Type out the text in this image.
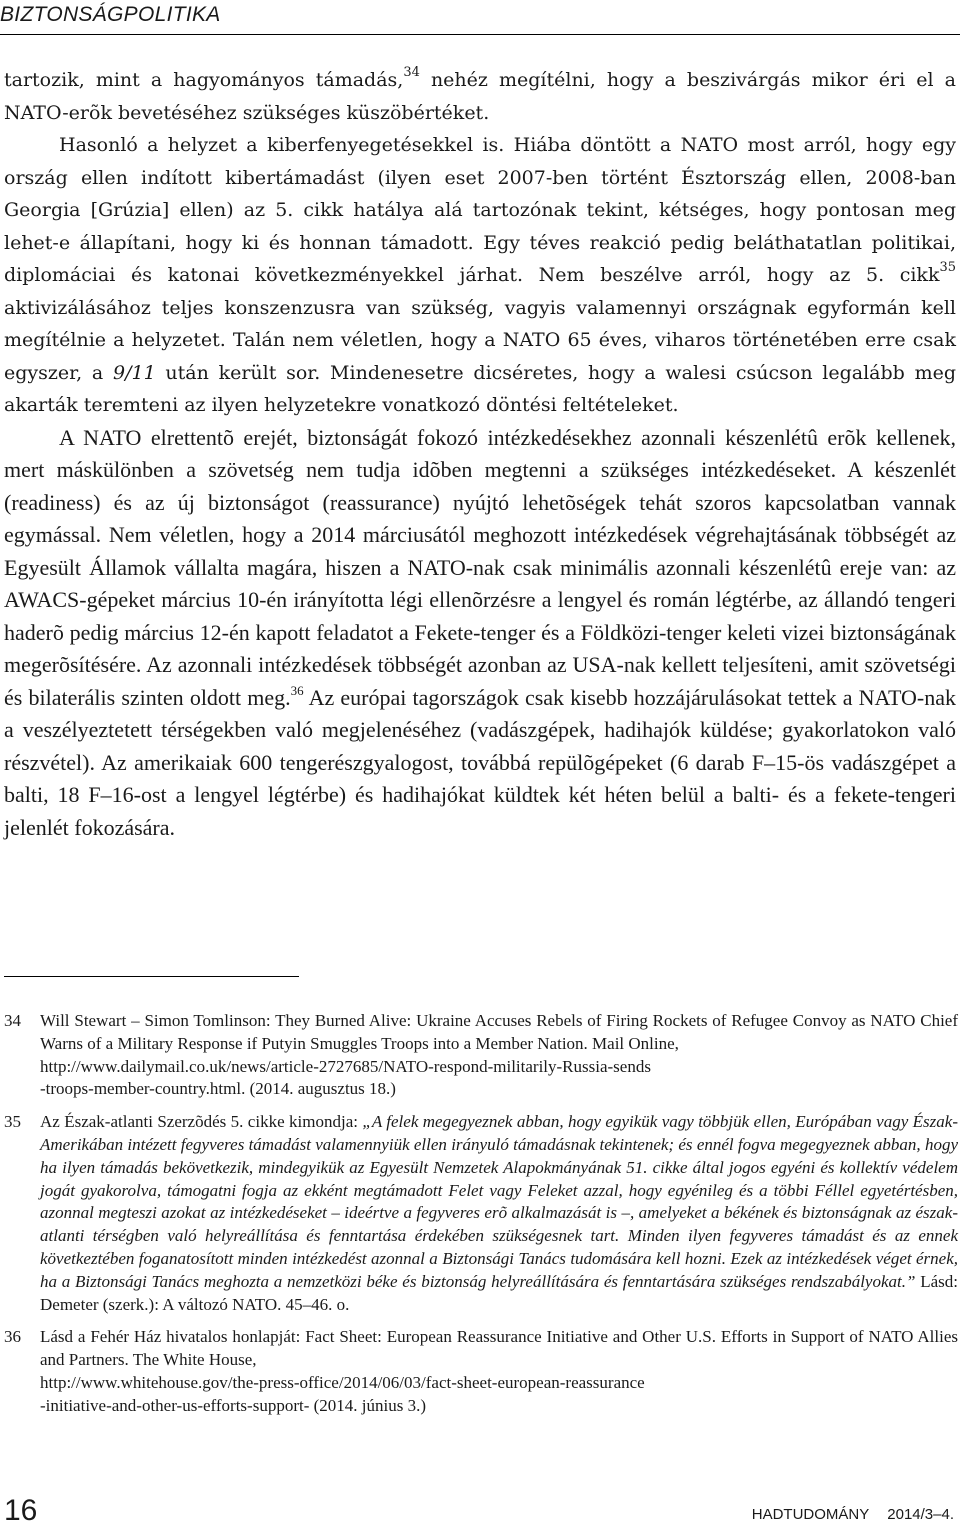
BIZTONSÁGPOLITIKA

tartozik, mint a hagyományos támadás,$^{34}$ nehéz megítélni, hogy a beszivárgás mikor éri el a NATO-erõk bevetéséhez szükséges küszöbértéket.

Hasonló a helyzet a kiberfenyegetésekkel is. Hiába döntött a NATO most arról, hogy egy ország ellen indított kibertámadást (ilyen eset 2007-ben történt Észtország ellen, 2008-ban Georgia [Grúzia] ellen) az 5. cikk hatálya alá tartozónak tekint, kétséges, hogy pontosan meg lehet-e állapítani, hogy ki és honnan támadott. Egy téves reakció pedig beláthatatlan politikai, diplomáciai és katonai következményekkel járhat. Nem beszélve arról, hogy az 5. cikk$^{35}$ aktivizálásához teljes konszenzusra van szükség, vagyis valamennyi országnak egyformán kell megítélnie a helyzetet. Talán nem véletlen, hogy a NATO 65 éves, viharos történetében erre csak egyszer, a 9/11 után került sor. Mindenesetre dicséretes, hogy a walesi csúcson legalább meg akarták teremteni az ilyen helyzetekre vonatkozó döntési feltételeket.

A NATO elrettentõ erejét, biztonságát fokozó intézkedésekhez azonnali készenlétû erõk kellenek, mert máskülönben a szövetség nem tudja idõben megtenni a szükséges intézkedéseket. A készenlét (readiness) és az új biztonságot (reassurance) nyújtó lehetõségek tehát szoros kapcsolatban vannak egymással. Nem véletlen, hogy a 2014 márciusától meghozott intézkedések végrehajtásának többségét az Egyesült Államok vállalta magára, hiszen a NATO-nak csak minimális azonnali készenlétû ereje van: az AWACS-gépeket március 10-én irányította légi ellenõrzésre a lengyel és román légtérbe, az állandó tengeri haderõ pedig március 12-én kapott feladatot a Fekete-tenger és a Földközi-tenger keleti vizei biztonságának megerõsítésére. Az azonnali intézkedések többségét azonban az USA-nak kellett teljesíteni, amit szövetségi és bilaterális szinten oldott meg.$^{36}$ Az európai tagországok csak kisebb hozzájárulásokat tettek a NATO-nak a veszélyeztetett térségekben való megjelenéséhez (vadászgépek, hadihajók küldése; gyakorlatokon való részvétel). Az amerikaiak 600 tengerészgyalogost, továbbá repülõgépeket (6 darab F–15-ös vadászgépet a balti, 18 F–16-ost a lengyel légtérbe) és hadihajókat küldtek két héten belül a balti- és a fekete-tengeri jelenlét fokozására.

34	Will Stewart – Simon Tomlinson: They Burned Alive: Ukraine Accuses Rebels of Firing Rockets of Refugee Convoy as NATO Chief Warns of a Military Response if Putyin Smuggles Troops into a Member Nation. Mail Online,
http://www.dailymail.co.uk/news/article-2727685/NATO-respond-militarily-Russia-sends
-troops-member-country.html. (2014. augusztus 18.)
35	Az Észak-atlanti Szerzõdés 5. cikke kimondja: „A felek megegyeznek abban, hogy egyikük vagy többjük ellen, Európában vagy Észak-Amerikában intézett fegyveres támadást valamennyiük ellen irányuló támadásnak tekintenek; és ennél fogva megegyeznek abban, hogy ha ilyen támadás bekövetkezik, mindegyikük az Egyesült Nemzetek Alapokmányának 51. cikke által jogos egyéni és kollektív védelem jogát gyakorolva, támogatni fogja az ekként megtámadott Felet vagy Feleket azzal, hogy egyénileg és a többi Féllel egyetértésben, azonnal megteszi azokat az intézkedéseket – ideértve a fegyveres erõ alkalmazását is –, amelyeket a békének és biztonságnak az észak-atlanti térségben való helyreállítása és fenntartása érdekében szükségesnek tart. Minden ilyen fegyveres támadást és az ennek következtében foganatosított minden intézkedést azonnal a Biztonsági Tanács tudomására kell hozni. Ezek az intézkedések véget érnek, ha a Biztonsági Tanács meghozta a nemzetközi béke és biztonság helyreállítására és fenntartására szükséges rendszabályokat.” Lásd: Demeter (szerk.): A változó NATO. 45–46. o.
36	Lásd a Fehér Ház hivatalos honlapját: Fact Sheet: European Reassurance Initiative and Other U.S. Efforts in Support of NATO Allies and Partners. The White House,
http://www.whitehouse.gov/the-press-office/2014/06/03/fact-sheet-european-reassurance
-initiative-and-other-us-efforts-support- (2014. június 3.)
16	HADTUDOMÁNY 2014/3–4.
